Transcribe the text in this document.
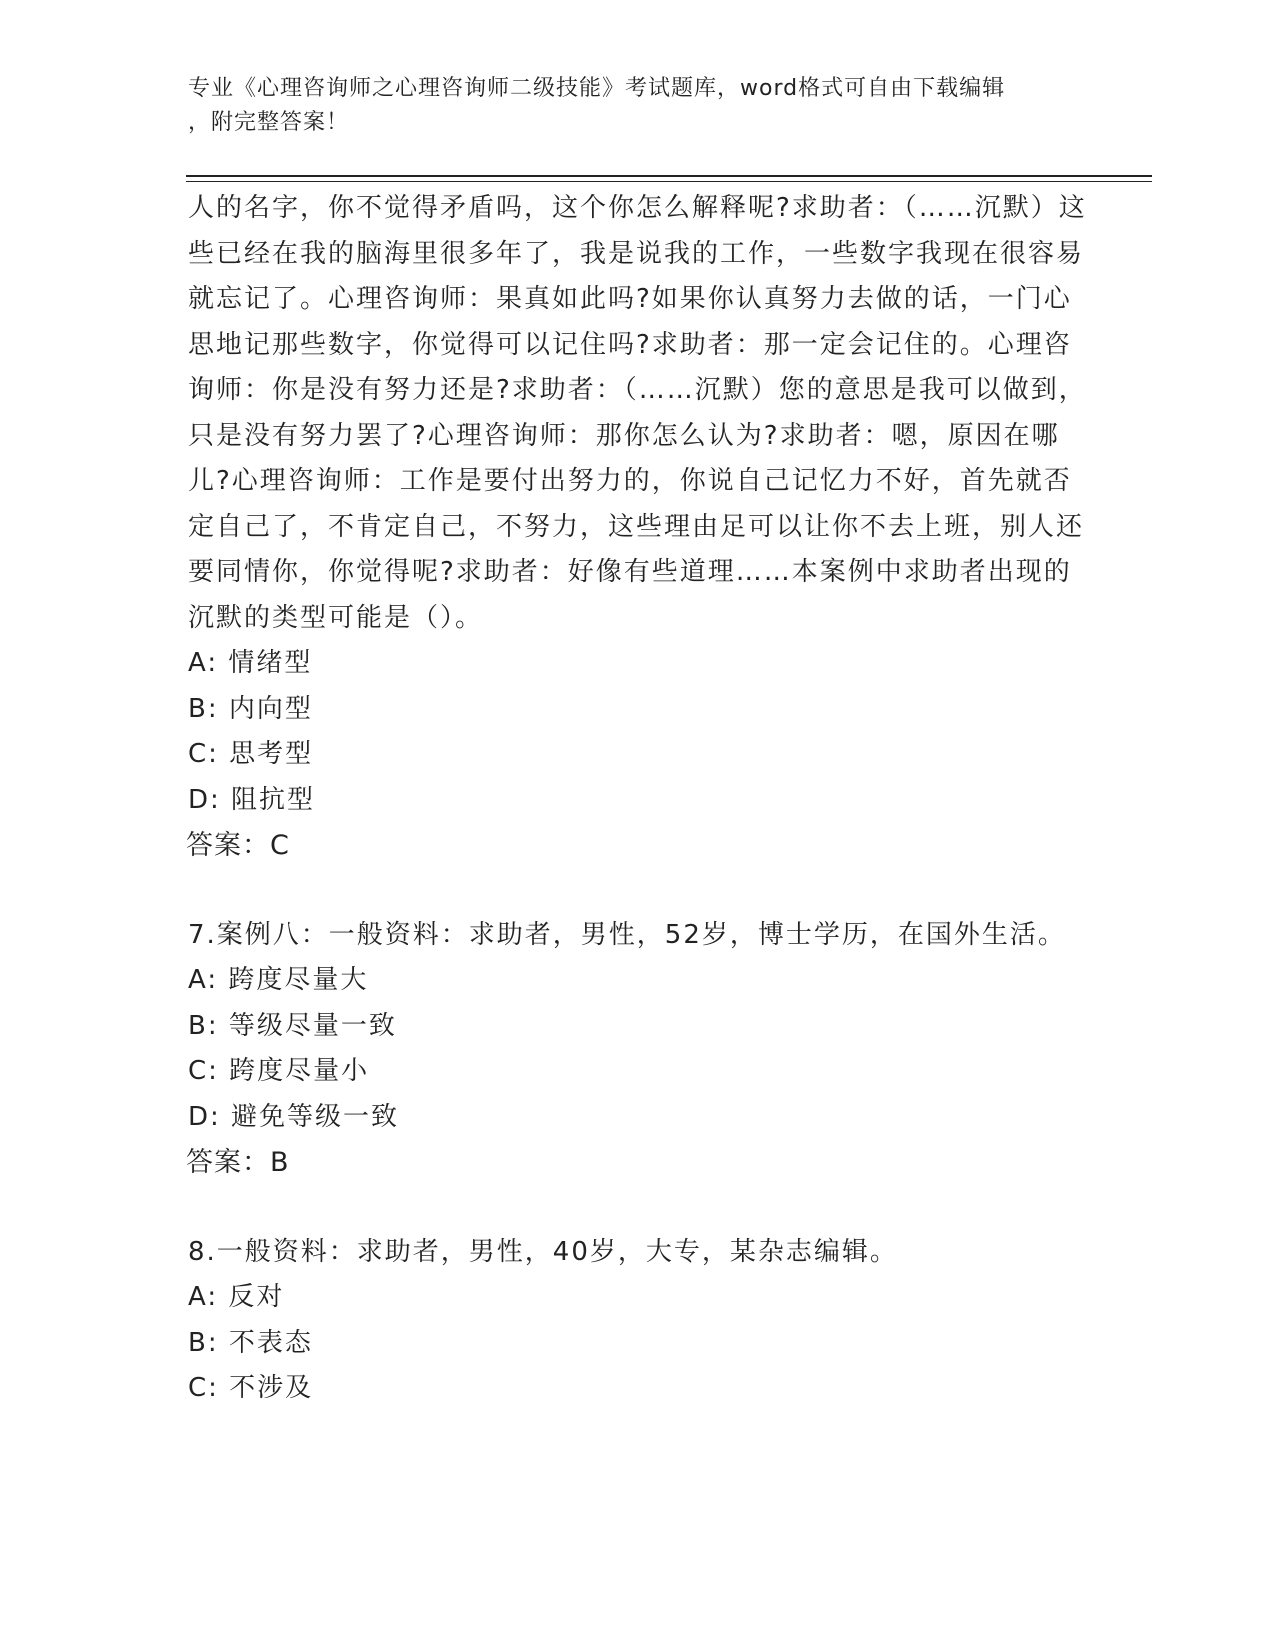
专业《心理咨询师之心理咨询师二级技能》考试题库，word格式可自由下载编辑
，附完整答案！

人的名字，你不觉得矛盾吗，这个你怎么解释呢?求助者：（……沉默）这些已经在我的脑海里很多年了，我是说我的工作，一些数字我现在很容易就忘记了。心理咨询师：果真如此吗?如果你认真努力去做的话，一门心思地记那些数字，你觉得可以记住吗?求助者：那一定会记住的。心理咨询师：你是没有努力还是?求助者：（……沉默）您的意思是我可以做到，只是没有努力罢了?心理咨询师：那你怎么认为?求助者：嗯，原因在哪儿?心理咨询师：工作是要付出努力的，你说自己记忆力不好，首先就否定自己了，不肯定自己，不努力，这些理由足可以让你不去上班，别人还要同情你，你觉得呢?求助者：好像有些道理……本案例中求助者出现的沉默的类型可能是（）。

A: 情绪型

B: 内向型

C: 思考型

D: 阻抗型

答案：C

7.案例八：一般资料：求助者，男性，52岁，博士学历，在国外生活。

A: 跨度尽量大

B: 等级尽量一致

C: 跨度尽量小

D: 避免等级一致

答案：B

8.一般资料：求助者，男性，40岁，大专，某杂志编辑。

A: 反对

B: 不表态

C: 不涉及
